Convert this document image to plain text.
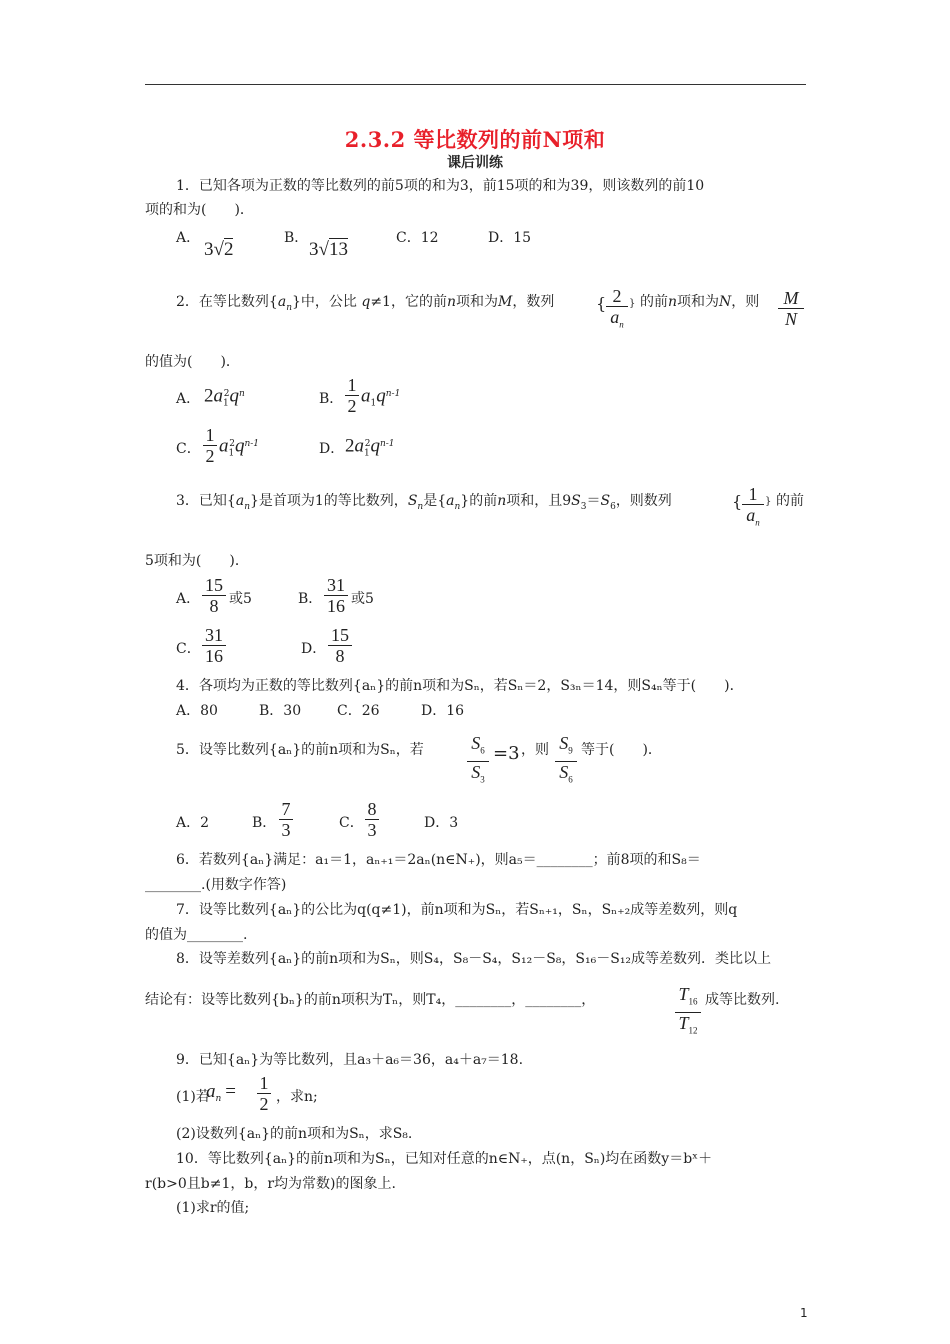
2.3.2 等比数列的前N项和
课后训练
1．已知各项为正数的等比数列的前5项的和为3，前15项的和为39，则该数列的前10
项的和为(　　)．
A．
3√2
B．
3√13
C．12	D．15
2．在等比数列$\{a_n\}$中，公比 q≠1，它的前n项和为M，数列	{ 2
$a_n$
} 的前n项和为N，则	M
N
的值为(　　)．
A． $2a_1^2q^n$	B．
1
2 $a_1q^{n-1}$
C．
1
2 $a_1^2q^{n-1}$	D． $2a_1^2q^{n-1}$
3．已知$\{a_n\}$是首项为1的等比数列，$S_n$是$\{a_n\}$的前n项和，且$9S_3=S_6$，则数列	{ 1
$a_n$
} 的前
5项和为(　　)．
A．
15
8 或5	B．
31
16 或5
C．
31
16	D．
15
8
4．各项均为正数的等比数列{aₙ}的前n项和为Sₙ，若Sₙ＝2，S₃ₙ＝14，则S₄ₙ等于(　　)．
A．80	B．30	C．26	D．16
5．设等比数列{aₙ}的前n项和为Sₙ，若	$S_6$
$S_3$
=3 ，则 $S_9$
$S_6$
等于(　　)．
A．2	B．
7
3	C．
8
3	D．3
6．若数列{aₙ}满足：a₁＝1，aₙ₊₁＝2aₙ(n∈N₊)，则a₅＝________；前8项的和S₈＝
________.(用数字作答)
7．设等比数列{aₙ}的公比为q(q≠1)，前n项和为Sₙ，若Sₙ₊₁，Sₙ，Sₙ₊₂成等差数列，则q
的值为________.
8．设等差数列{aₙ}的前n项和为Sₙ，则S₄，S₈－S₄，S₁₂－S₈，S₁₆－S₁₂成等差数列．类比以上
结论有：设等比数列{bₙ}的前n项积为Tₙ，则T₄，________，________，	$T_{16}$
$T_{12}$
成等比数列.
9．已知{aₙ}为等比数列，且a₃＋a₆＝36，a₄＋a₇＝18.
(1)若
$a_n = 1$
2 ，求n;
(2)设数列{aₙ}的前n项和为Sₙ，求S₈.
10．等比数列{aₙ}的前n项和为Sₙ，已知对任意的n∈N₊，点(n，Sₙ)均在函数y＝bˣ＋
r(b>0且b≠1，b，r均为常数)的图象上.
(1)求r的值;
1
